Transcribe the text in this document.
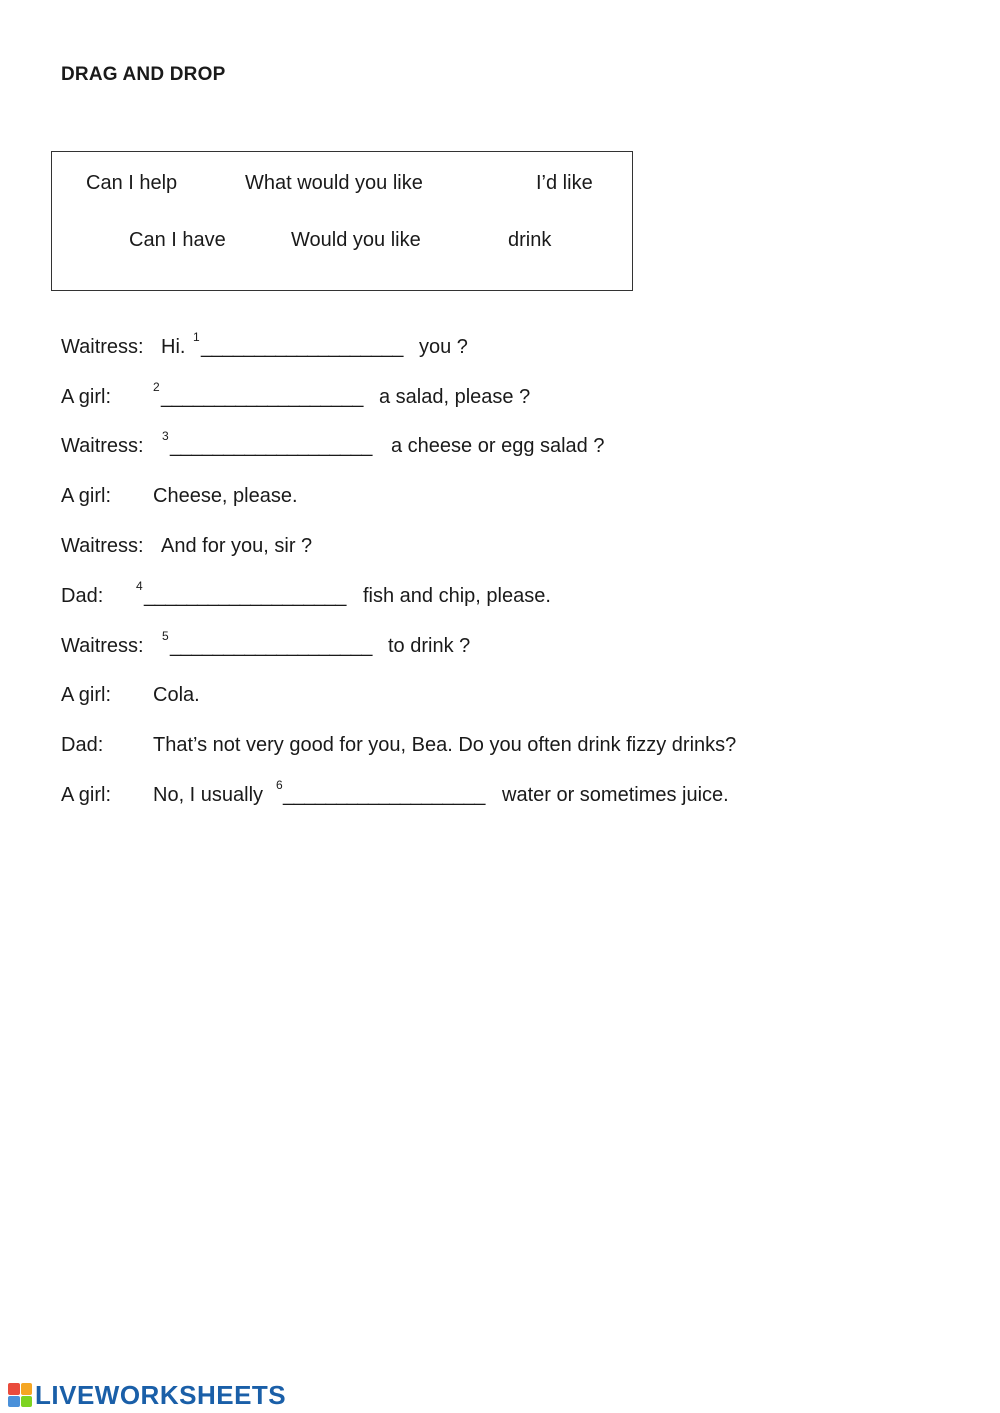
DRAG AND DROP
Can I help	What would you like	I’d like
Can I have	Would you like	drink
Waitress: Hi. 1 ___________________ you ?
A girl:	2 ___________________ a salad, please ?
Waitress: 3 ___________________ a cheese or egg salad ?
A girl: Cheese, please.
Waitress: And for you, sir ?
Dad:	4 ___________________ fish and chip, please.
Waitress: 5 ___________________ to drink ?
A girl: Cola.
Dad: That’s not very good for you, Bea. Do you often drink fizzy drinks?
A girl: No, I usually 6 ___________________ water or sometimes juice.
LIVEWORKSHEETS
